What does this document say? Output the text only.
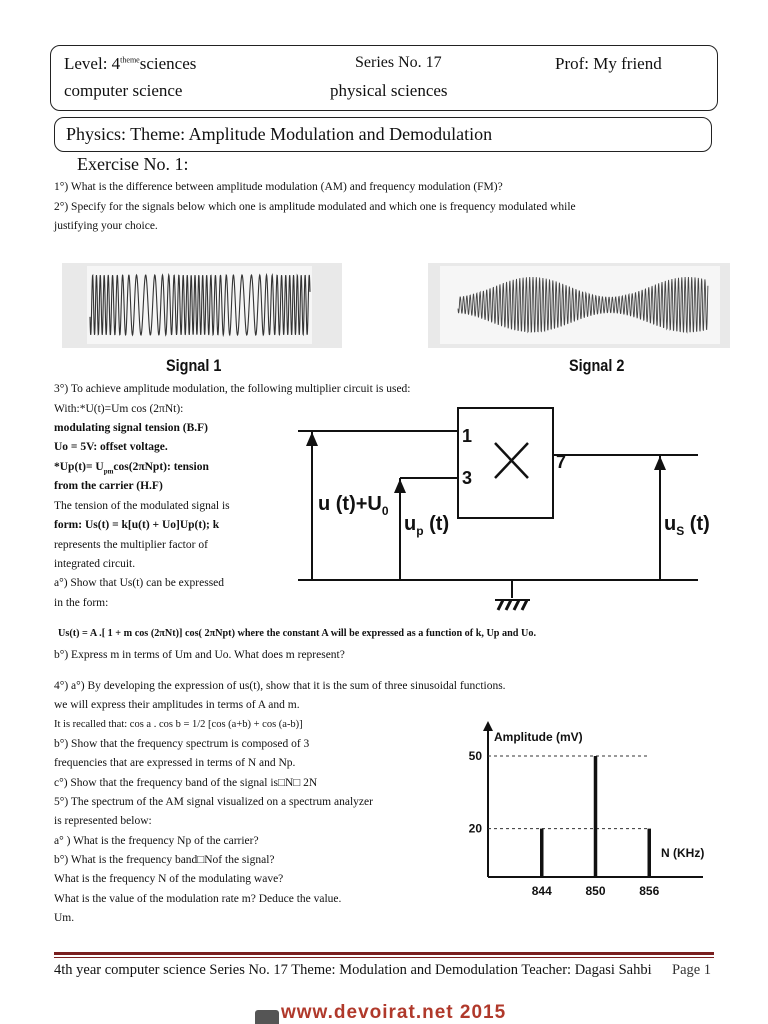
Level: $4^{theme}sciences$	Series No. 17	Prof: My friend
computer science	physical sciences
Physics: Theme: Amplitude Modulation and Demodulation
Exercise No. 1:
1°) What is the difference between amplitude modulation (AM) and frequency modulation (FM)?
2°) Specify for the signals below which one is amplitude modulated and which one is frequency modulated while
justifying your choice.
Signal 1	Signal 2
3°) To achieve amplitude modulation, the following multiplier circuit is used:
With:*U(t)=Um cos (2πNt):
modulating signal tension (B.F)
Uo = 5V: offset voltage.
$*Up(t)= U_{pm}\cos(2\pi Npt)$: tension
from the carrier (H.F)
The tension of the modulated signal is
form: Us(t) = k[u(t) + Uo]Up(t); k
represents the multiplier factor of
integrated circuit.
a°) Show that Us(t) can be expressed
in the form:
1
3
7
u $(t)+U_0$
$u_p$ (t)	$u_S$ (t)
Us(t) = A .[ 1 + m cos (2πNt)] cos( 2πNpt) where the constant A will be expressed as a function of k, Up and Uo.
b°) Express m in terms of Um and Uo. What does m represent?
4°) a°) By developing the expression of us(t), show that it is the sum of three sinusoidal functions.
we will express their amplitudes in terms of A and m.
It is recalled that: cos a . cos b = 1/2 [cos (a+b) + cos (a-b)]
b°) Show that the frequency spectrum is composed of 3
frequencies that are expressed in terms of N and Np.
c°) Show that the frequency band of the signal is□N□ 2N
5°) The spectrum of the AM signal visualized on a spectrum analyzer
is represented below:
a° ) What is the frequency Np of the carrier?
b°) What is the frequency band□Nof the signal?
What is the frequency N of the modulating wave?
What is the value of the modulation rate m? Deduce the value.
Um.
Amplitude (mV)
N (KHz)
20
50
844	850	856
4th year computer science Series No. 17 Theme: Modulation and Demodulation Teacher: Dagasi Sahbi Page 1
www.devoirat.net 2015
